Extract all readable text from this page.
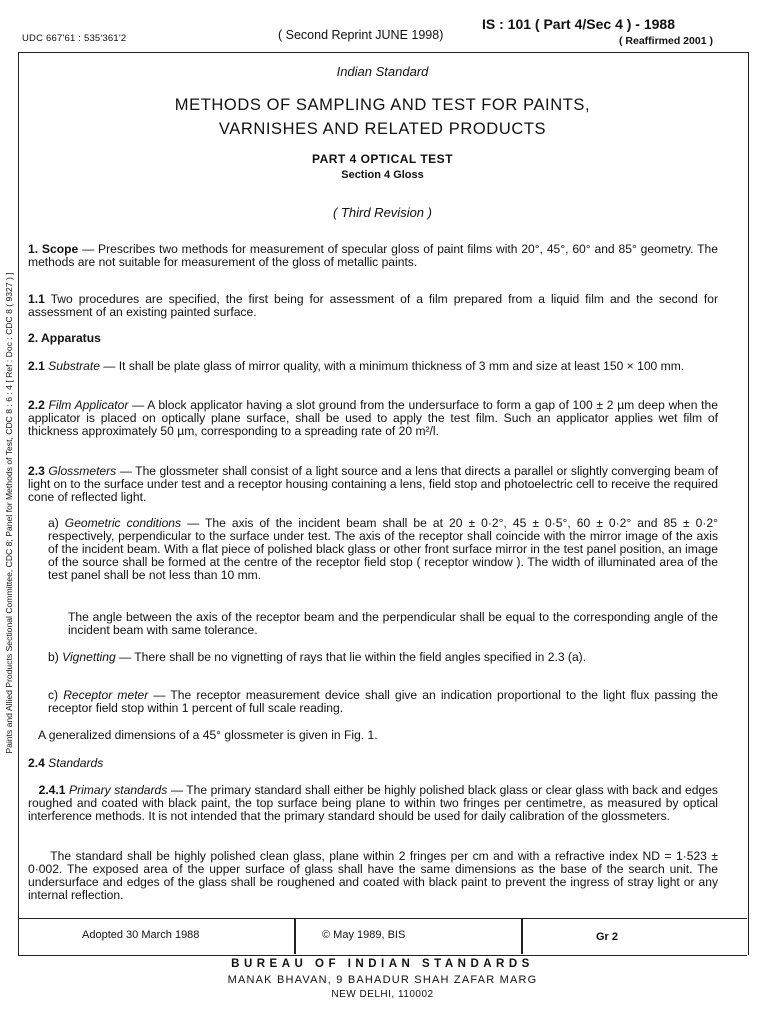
UDC 667'61 : 535'361'2	( Second Reprint JUNE 1998)
IS : 101 ( Part 4/Sec 4 ) - 1988
( Reaffirmed 2001 )
Paints and Allied Products Sectional Committee, CDC 8; Panel for Methods of Test, CDC 8 : 6 : 4 [ Ref : Doc : CDC 8 ( 9327 ) ]
Indian Standard
METHODS OF SAMPLING AND TEST FOR PAINTS,
VARNISHES AND RELATED PRODUCTS
PART 4 OPTICAL TEST
Section 4 Gloss
( Third Revision )

1. Scope — Prescribes two methods for measurement of specular gloss of paint films with 20°, 45°, 60° and 85° geometry. The methods are not suitable for measurement of the gloss of metallic paints.

1.1 Two procedures are specified, the first being for assessment of a film prepared from a liquid film and the second for assessment of an existing painted surface.

2. Apparatus

2.1 Substrate — It shall be plate glass of mirror quality, with a minimum thickness of 3 mm and size at least 150 × 100 mm.

2.2 Film Applicator — A block applicator having a slot ground from the undersurface to form a gap of 100 ± 2 µm deep when the applicator is placed on optically plane surface, shall be used to apply the test film. Such an applicator applies wet film of thickness approximately 50 µm, corresponding to a spreading rate of 20 m²/l.

2.3 Glossmeters — The glossmeter shall consist of a light source and a lens that directs a parallel or slightly converging beam of light on to the surface under test and a receptor housing containing a lens, field stop and photoelectric cell to receive the required cone of reflected light.

a) Geometric conditions — The axis of the incident beam shall be at 20 ± 0·2°, 45 ± 0·5°, 60 ± 0·2° and 85 ± 0·2° respectively, perpendicular to the surface under test. The axis of the receptor shall coincide with the mirror image of the axis of the incident beam. With a flat piece of polished black glass or other front surface mirror in the test panel position, an image of the source shall be formed at the centre of the receptor field stop ( receptor window ). The width of illuminated area of the test panel shall be not less than 10 mm.

The angle between the axis of the receptor beam and the perpendicular shall be equal to the corresponding angle of the incident beam with same tolerance.

b) Vignetting — There shall be no vignetting of rays that lie within the field angles specified in 2.3 (a).

c) Receptor meter — The receptor measurement device shall give an indication proportional to the light flux passing the receptor field stop within 1 percent of full scale reading.

A generalized dimensions of a 45° glossmeter is given in Fig. 1.

2.4 Standards

2.4.1 Primary standards — The primary standard shall either be highly polished black glass or clear glass with back and edges roughed and coated with black paint, the top surface being plane to within two fringes per centimetre, as measured by optical interference methods. It is not intended that the primary standard should be used for daily calibration of the glossmeters.

The standard shall be highly polished clean glass, plane within 2 fringes per cm and with a refractive index ND = 1·523 ± 0·002. The exposed area of the upper surface of glass shall have the same dimensions as the base of the search unit. The undersurface and edges of the glass shall be roughened and coated with black paint to prevent the ingress of stray light or any internal reflection.

Adopted 30 March 1988	© May 1989, BIS	Gr 2
BUREAU OF INDIAN STANDARDS
MANAK BHAVAN, 9 BAHADUR SHAH ZAFAR MARG
NEW DELHI, 110002
